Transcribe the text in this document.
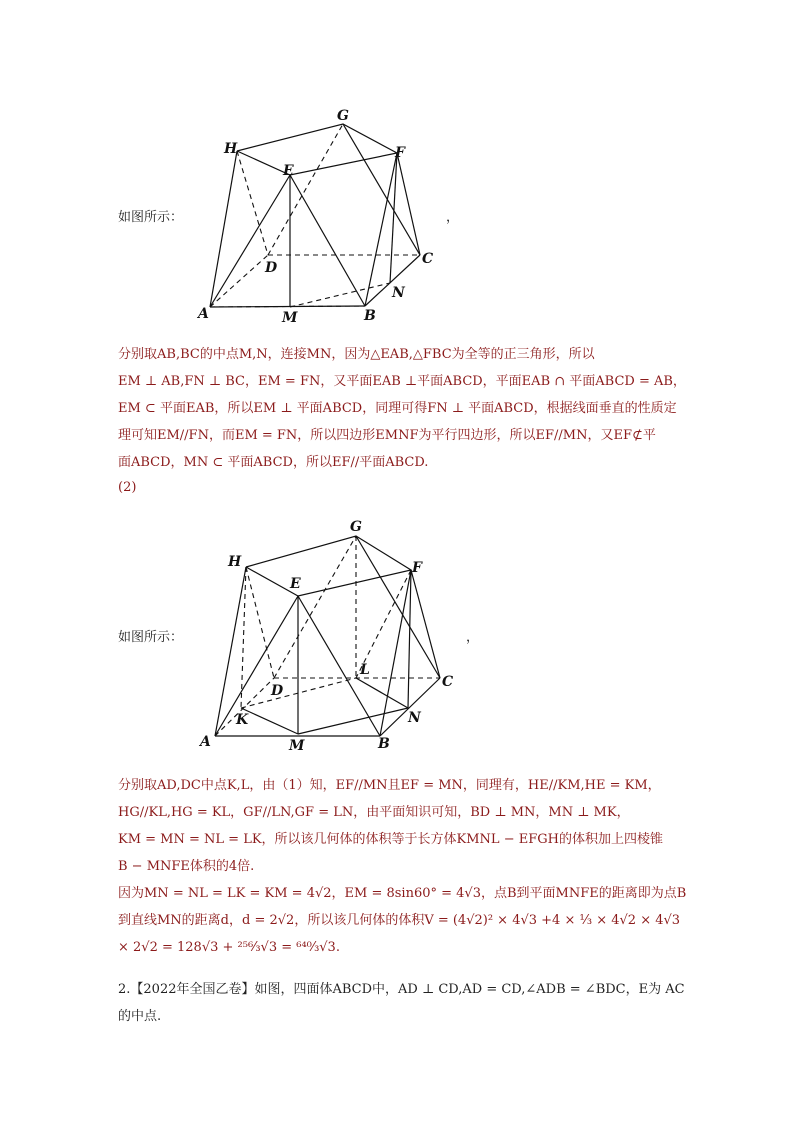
如图所示：	，
G
H
E
F
D
C
N
A	M	B
分别取AB,BC的中点M,N，连接MN，因为△EAB,△FBC为全等的正三角形，所以
EM ⊥ AB,FN ⊥ BC，EM = FN，又平面EAB ⊥平面ABCD，平面EAB ∩ 平面ABCD = AB，
EM ⊂ 平面EAB，所以EM ⊥ 平面ABCD，同理可得FN ⊥ 平面ABCD，根据线面垂直的性质定
理可知EM//FN，而EM = FN，所以四边形EMNF为平行四边形，所以EF//MN，又EF⊄平
面ABCD，MN ⊂ 平面ABCD，所以EF//平面ABCD.
(2)
如图所示：	，
G
H
E
F
D
L
C
N
K
A	M	B
分别取AD,DC中点K,L，由（1）知，EF//MN且EF = MN，同理有，HE//KM,HE = KM，
HG//KL,HG = KL，GF//LN,GF = LN，由平面知识可知，BD ⊥ MN，MN ⊥ MK，
KM = MN = NL = LK，所以该几何体的体积等于长方体KMNL − EFGH的体积加上四棱锥
B − MNFE体积的4倍.
因为MN = NL = LK = KM = 4√2，EM = 8sin60° = 4√3，点B到平面MNFE的距离即为点B
到直线MN的距离d，d = 2√2，所以该几何体的体积V = (4√2)² × 4√3 +4 × ⅓ × 4√2 × 4√3
× 2√2 = 128√3 + ²⁵⁶⁄₃√3 = ⁶⁴⁰⁄₃√3.
2.【2022年全国乙卷】如图，四面体ABCD中，AD ⊥ CD,AD = CD,∠ADB = ∠BDC，E为 AC
的中点.
